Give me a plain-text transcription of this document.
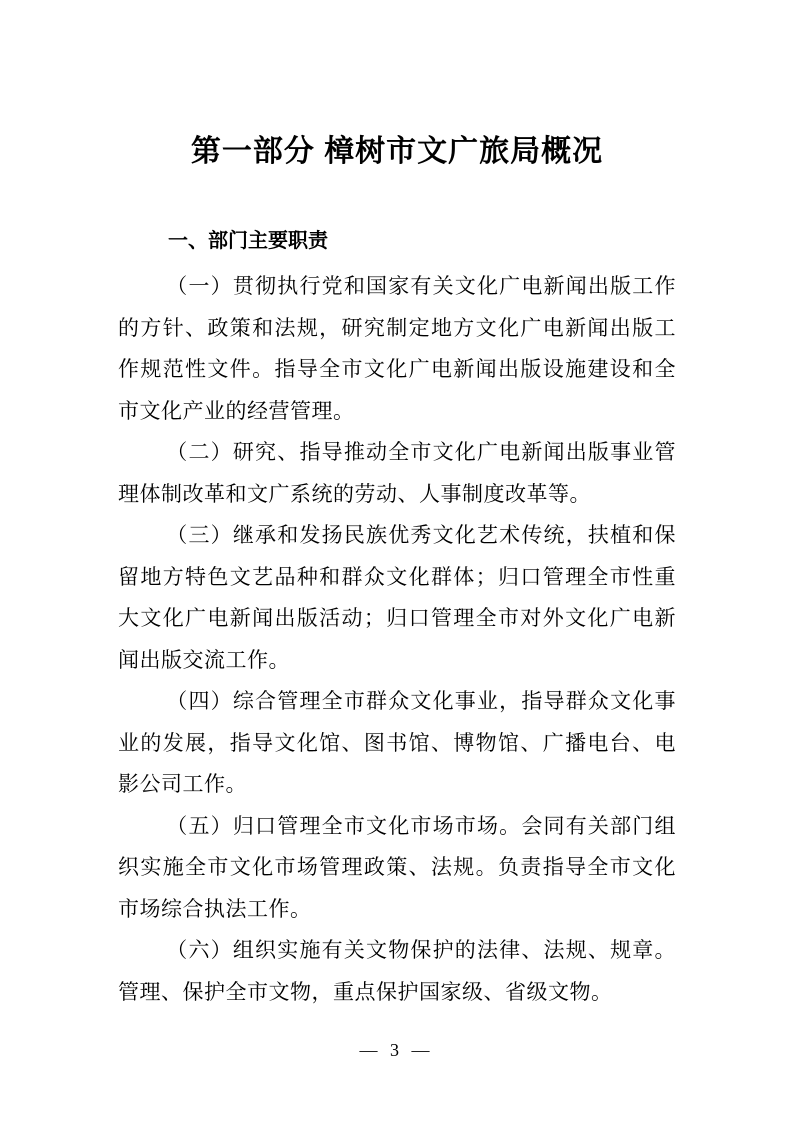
第一部分 樟树市文广旅局概况
一、部门主要职责

（一）贯彻执行党和国家有关文化广电新闻出版工作的方针、政策和法规，研究制定地方文化广电新闻出版工作规范性文件。指导全市文化广电新闻出版设施建设和全市文化产业的经营管理。

（二）研究、指导推动全市文化广电新闻出版事业管理体制改革和文广系统的劳动、人事制度改革等。

（三）继承和发扬民族优秀文化艺术传统，扶植和保留地方特色文艺品种和群众文化群体；归口管理全市性重大文化广电新闻出版活动；归口管理全市对外文化广电新闻出版交流工作。

（四）综合管理全市群众文化事业，指导群众文化事业的发展，指导文化馆、图书馆、博物馆、广播电台、电影公司工作。

（五）归口管理全市文化市场市场。会同有关部门组织实施全市文化市场管理政策、法规。负责指导全市文化市场综合执法工作。

（六）组织实施有关文物保护的法律、法规、规章。管理、保护全市文物，重点保护国家级、省级文物。

— 3 —
